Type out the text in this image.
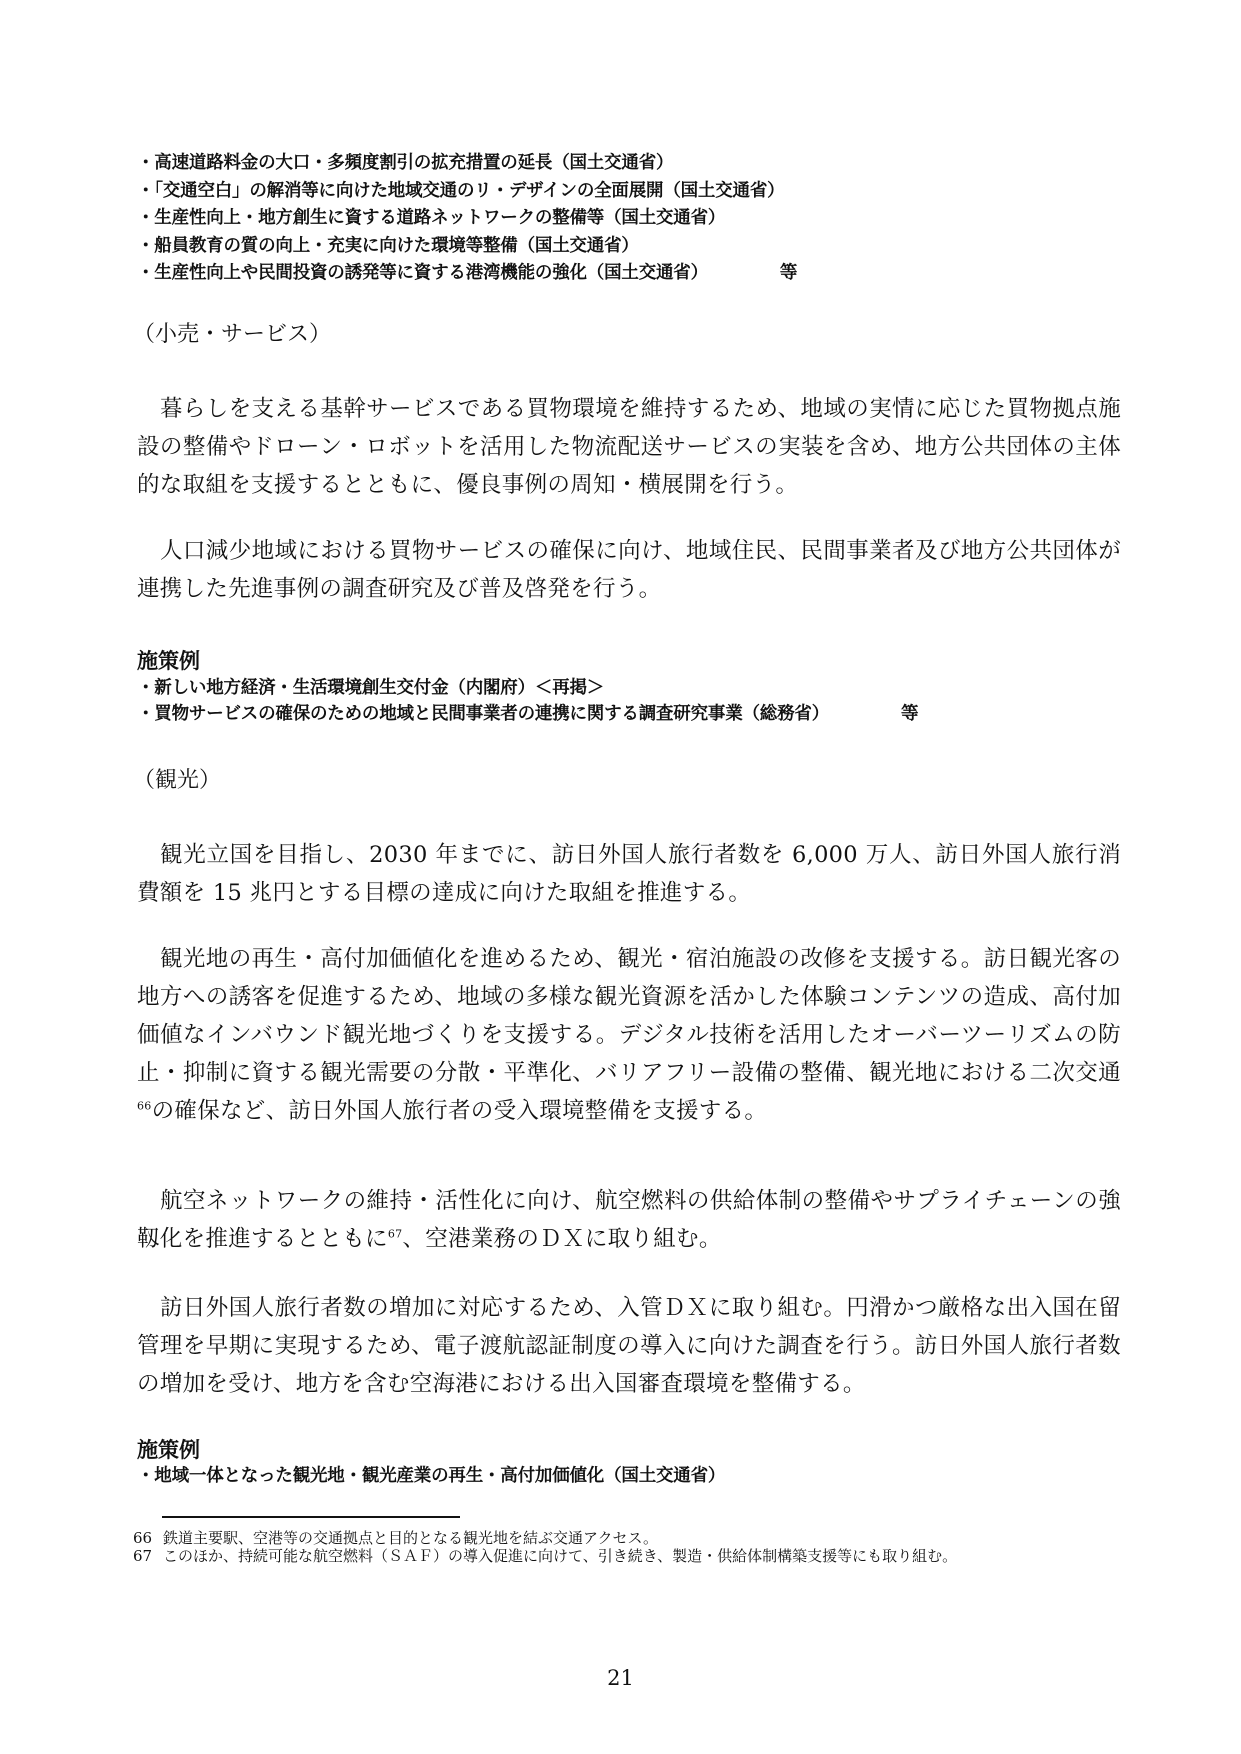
・高速道路料金の大口・多頻度割引の拡充措置の延長（国土交通省）
・「交通空白」の解消等に向けた地域交通のリ・デザインの全面展開（国土交通省）
・生産性向上・地方創生に資する道路ネットワークの整備等（国土交通省）
・船員教育の質の向上・充実に向けた環境等整備（国土交通省）
・生産性向上や民間投資の誘発等に資する港湾機能の強化（国土交通省）	等
（小売・サービス）

暮らしを支える基幹サービスである買物環境を維持するため、地域の実情に応じた買物拠点施設の整備やドローン・ロボットを活用した物流配送サービスの実装を含め、地方公共団体の主体的な取組を支援するとともに、優良事例の周知・横展開を行う。

人口減少地域における買物サービスの確保に向け、地域住民、民間事業者及び地方公共団体が連携した先進事例の調査研究及び普及啓発を行う。

施策例
・新しい地方経済・生活環境創生交付金（内閣府）＜再掲＞
・買物サービスの確保のための地域と民間事業者の連携に関する調査研究事業（総務省）	等
（観光）

観光立国を目指し、2030 年までに、訪日外国人旅行者数を 6,000 万人、訪日外国人旅行消費額を 15 兆円とする目標の達成に向けた取組を推進する。

観光地の再生・高付加価値化を進めるため、観光・宿泊施設の改修を支援する。訪日観光客の地方への誘客を促進するため、地域の多様な観光資源を活かした体験コンテンツの造成、高付加価値なインバウンド観光地づくりを支援する。デジタル技術を活用したオーバーツーリズムの防止・抑制に資する観光需要の分散・平準化、バリアフリー設備の整備、観光地における二次交通$^{66}$の確保など、訪日外国人旅行者の受入環境整備を支援する。

航空ネットワークの維持・活性化に向け、航空燃料の供給体制の整備やサプライチェーンの強靱化を推進するとともに$^{67}$、空港業務のＤＸに取り組む。

訪日外国人旅行者数の増加に対応するため、入管ＤＸに取り組む。円滑かつ厳格な出入国在留管理を早期に実現するため、電子渡航認証制度の導入に向けた調査を行う。訪日外国人旅行者数の増加を受け、地方を含む空海港における出入国審査環境を整備する。

施策例
・地域一体となった観光地・観光産業の再生・高付加価値化（国土交通省）
66 鉄道主要駅、空港等の交通拠点と目的となる観光地を結ぶ交通アクセス。
67 このほか、持続可能な航空燃料（ＳＡＦ）の導入促進に向けて、引き続き、製造・供給体制構築支援等にも取り組む。
21
